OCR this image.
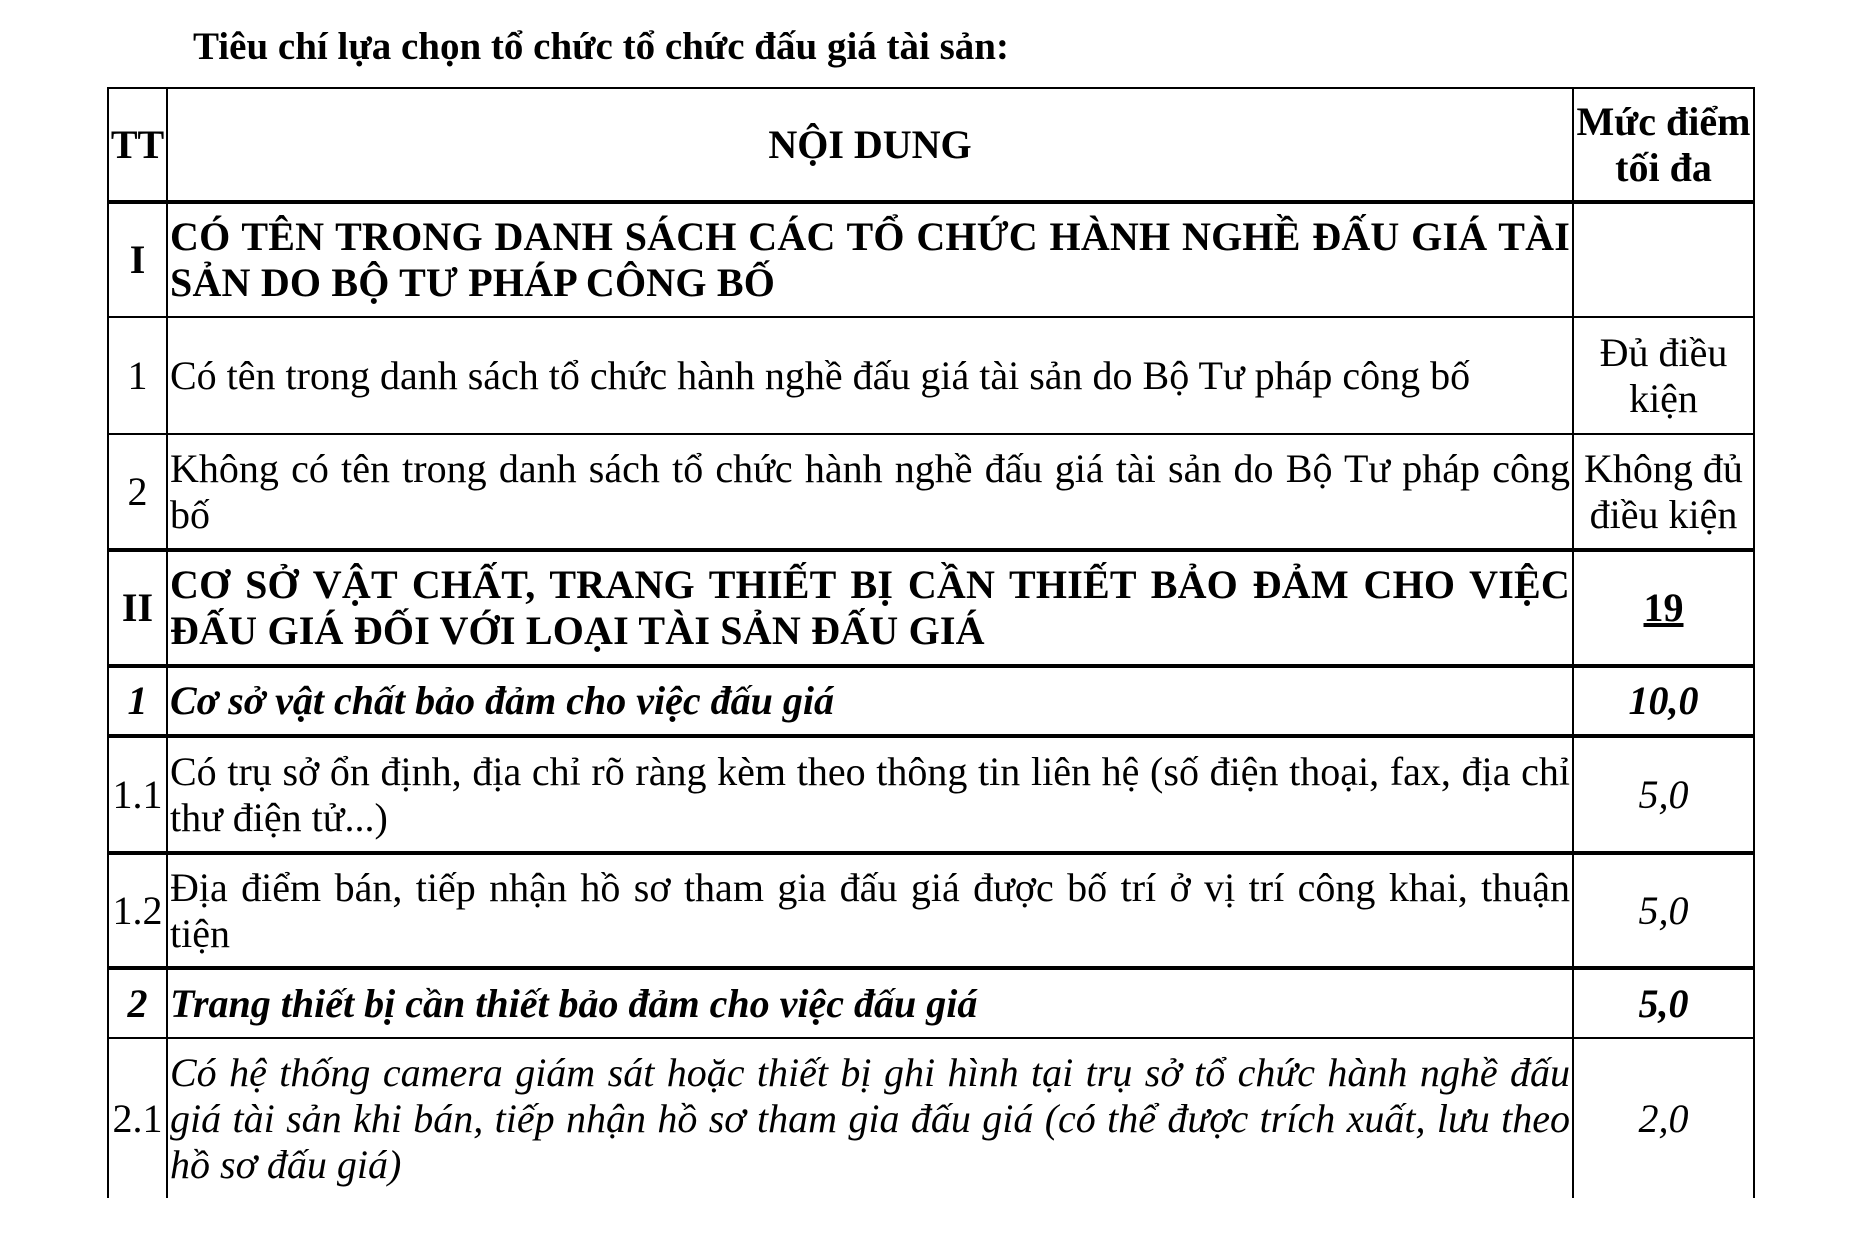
Tiêu chí lựa chọn tổ chức tổ chức đấu giá tài sản:
TT	NỘI DUNG	Mức điểm tối đa
I	CÓ TÊN TRONG DANH SÁCH CÁC TỔ CHỨC HÀNH NGHỀ ĐẤU GIÁ TÀI SẢN DO BỘ TƯ PHÁP CÔNG BỐ	
1	Có tên trong danh sách tổ chức hành nghề đấu giá tài sản do Bộ Tư pháp công bố	Đủ điều kiện
2	Không có tên trong danh sách tổ chức hành nghề đấu giá tài sản do Bộ Tư pháp công bố	Không đủ điều kiện
II	CƠ SỞ VẬT CHẤT, TRANG THIẾT BỊ CẦN THIẾT BẢO ĐẢM CHO VIỆC ĐẤU GIÁ ĐỐI VỚI LOẠI TÀI SẢN ĐẤU GIÁ	19
1	Cơ sở vật chất bảo đảm cho việc đấu giá	10,0
1.1	Có trụ sở ổn định, địa chỉ rõ ràng kèm theo thông tin liên hệ (số điện thoại, fax, địa chỉ thư điện tử...)	5,0
1.2	Địa điểm bán, tiếp nhận hồ sơ tham gia đấu giá được bố trí ở vị trí công khai, thuận tiện	5,0
2	Trang thiết bị cần thiết bảo đảm cho việc đấu giá	5,0
2.1	Có hệ thống camera giám sát hoặc thiết bị ghi hình tại trụ sở tổ chức hành nghề đấu giá tài sản khi bán, tiếp nhận hồ sơ tham gia đấu giá (có thể được trích xuất, lưu theo hồ sơ đấu giá)	2,0
